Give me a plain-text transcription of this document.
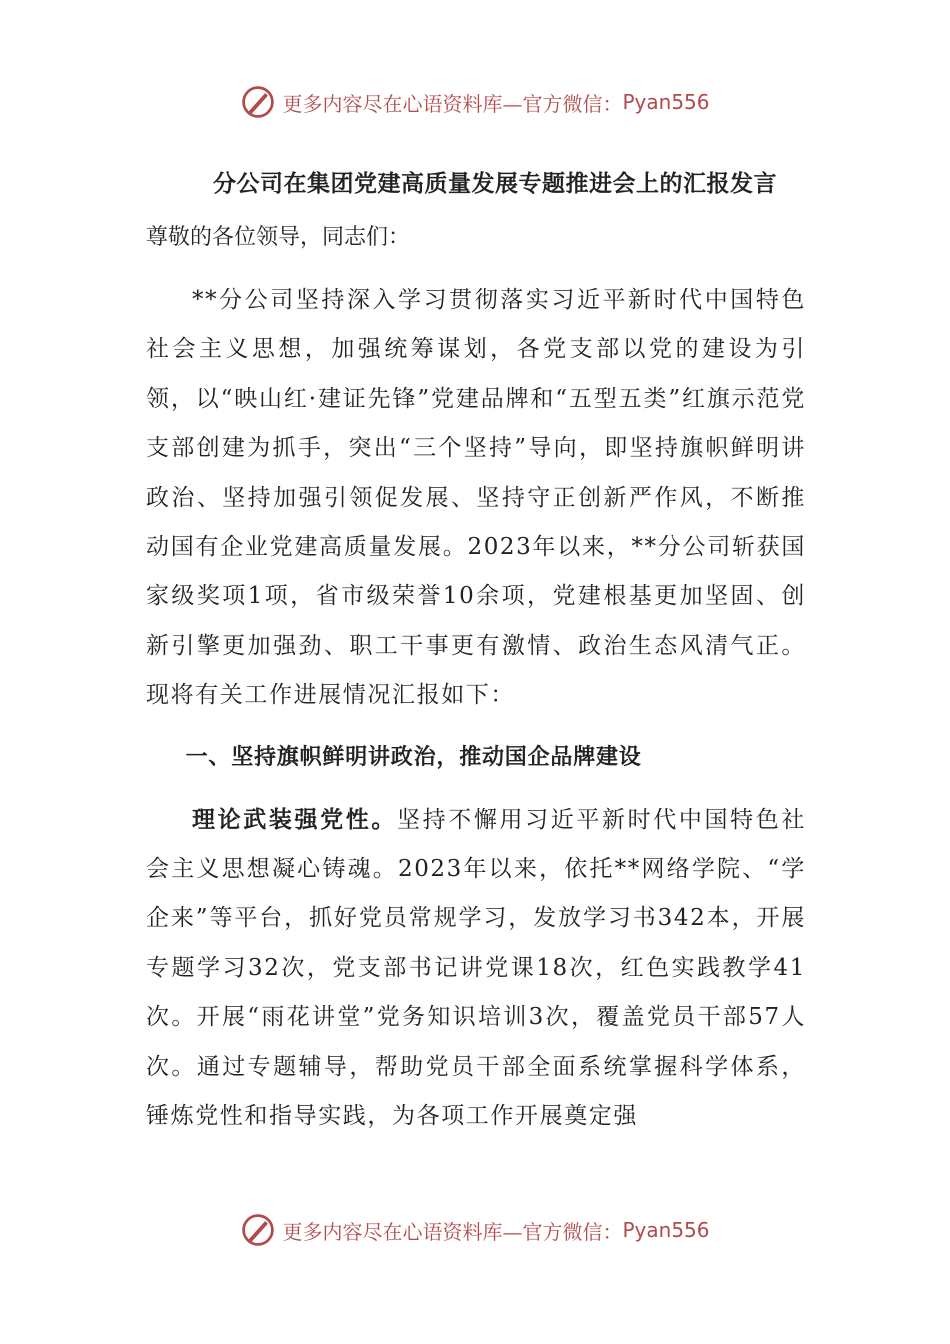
更多内容尽在心语资料库—官方微信： Pyan556
分公司在集团党建高质量发展专题推进会上的汇报发言

尊敬的各位领导，同志们：

**分公司坚持深入学习贯彻落实习近平新时代中国特色社会主义思想，加强统筹谋划，各党支部以党的建设为引领，以“映山红·建证先锋”党建品牌和“五型五类”红旗示范党支部创建为抓手，突出“三个坚持”导向，即坚持旗帜鲜明讲政治、坚持加强引领促发展、坚持守正创新严作风，不断推动国有企业党建高质量发展。2023年以来，**分公司斩获国家级奖项1项，省市级荣誉10余项，党建根基更加坚固、创新引擎更加强劲、职工干事更有激情、政治生态风清气正。现将有关工作进展情况汇报如下：

一、坚持旗帜鲜明讲政治，推动国企品牌建设

理论武装强党性。坚持不懈用习近平新时代中国特色社会主义思想凝心铸魂。2023年以来，依托**网络学院、“学企来”等平台，抓好党员常规学习，发放学习书342本，开展专题学习32次，党支部书记讲党课18次，红色实践教学41次。开展“雨花讲堂”党务知识培训3次，覆盖党员干部57人次。通过专题辅导，帮助党员干部全面系统掌握科学体系，锤炼党性和指导实践，为各项工作开展奠定强

更多内容尽在心语资料库—官方微信： Pyan556
